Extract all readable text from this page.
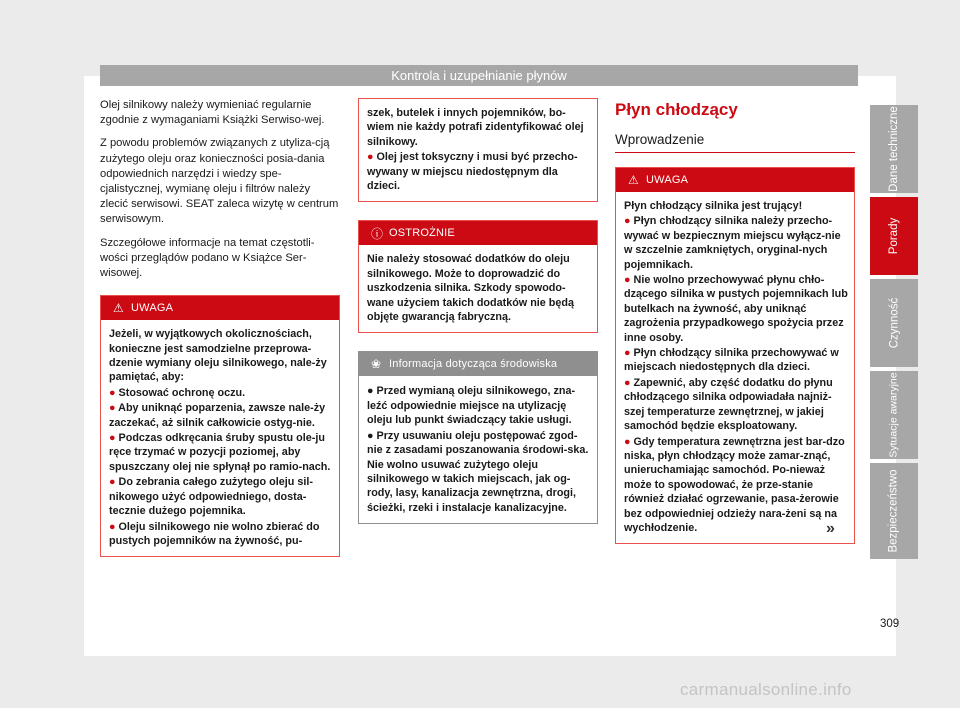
Kontrola i uzupełnianie płynów

Olej silnikowy należy wymieniać regularnie zgodnie z wymaganiami Książki Serwiso-wej.

Z powodu problemów związanych z utyliza-cją zużytego oleju oraz konieczności posia-dania odpowiednich narzędzi i wiedzy spe-cjalistycznej, wymianę oleju i filtrów należy zlecić serwisowi. SEAT zaleca wizytę w centrum serwisowym.

Szczegółowe informacje na temat częstotli-wości przeglądów podano w Książce Ser-wisowej.

⚠ UWAGA
Jeżeli, w wyjątkowych okolicznościach, konieczne jest samodzielne przeprowa-dzenie wymiany oleju silnikowego, nale-ży pamiętać, aby:
● Stosować ochronę oczu.
● Aby uniknąć poparzenia, zawsze nale-ży zaczekać, aż silnik całkowicie ostyg-nie.
● Podczas odkręcania śruby spustu ole-ju ręce trzymać w pozycji poziomej, aby spuszczany olej nie spłynął po ramio-nach.
● Do zebrania całego zużytego oleju sil-nikowego użyć odpowiedniego, dosta-tecznie dużego pojemnika.
● Oleju silnikowego nie wolno zbierać do pustych pojemników na żywność, pu-
szek, butelek i innych pojemników, bo-wiem nie każdy potrafi zidentyfikować olej silnikowy.
● Olej jest toksyczny i musi być przecho-wywany w miejscu niedostępnym dla dzieci.
ⓘ OSTROŻNIE
Nie należy stosować dodatków do oleju silnikowego. Może to doprowadzić do uszkodzenia silnika. Szkody spowodo-wane użyciem takich dodatków nie będą objęte gwarancją fabryczną.
❀ Informacja dotycząca środowiska
● Przed wymianą oleju silnikowego, zna-leźć odpowiednie miejsce na utylizację oleju lub punkt świadczący takie usługi.
● Przy usuwaniu oleju postępować zgod-nie z zasadami poszanowania środowi-ska. Nie wolno usuwać zużytego oleju silnikowego w takich miejscach, jak og-rody, lasy, kanalizacja zewnętrzna, drogi, ścieżki, rzeki i instalacje kanalizacyjne.
Płyn chłodzący
Wprowadzenie
⚠ UWAGA
Płyn chłodzący silnika jest trujący!
● Płyn chłodzący silnika należy przecho-wywać w bezpiecznym miejscu wyłącz-nie w szczelnie zamkniętych, oryginal-nych pojemnikach.
● Nie wolno przechowywać płynu chło-dzącego silnika w pustych pojemnikach lub butelkach na żywność, aby uniknąć zagrożenia przypadkowego spożycia przez inne osoby.
● Płyn chłodzący silnika przechowywać w miejscach niedostępnych dla dzieci.
● Zapewnić, aby część dodatku do płynu chłodzącego silnika odpowiadała najniż-szej temperaturze zewnętrznej, w jakiej samochód będzie eksploatowany.
● Gdy temperatura zewnętrzna jest bar-dzo niska, płyn chłodzący może zamar-znąć, unieruchamiając samochód. Po-nieważ może to spowodować, że prze-stanie również działać ogrzewanie, pasa-żerowie bez odpowiedniej odzieży nara-żeni są na wychłodzenie.	»
Dane techniczne
Porady
Czynność
Sytuacje awaryjne
Bezpieczeństwo
309
carmanualsonline.info
